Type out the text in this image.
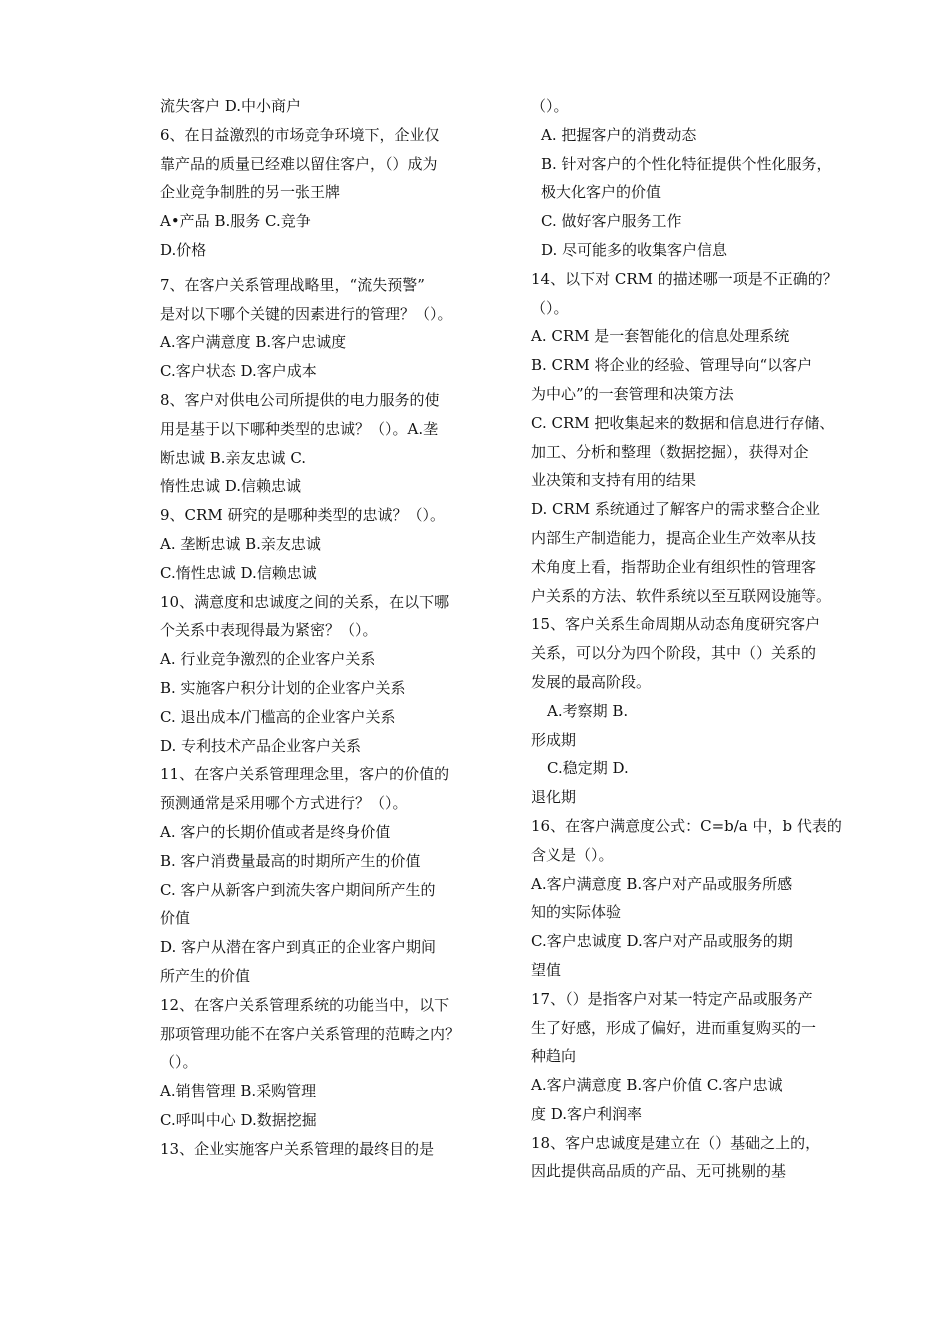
流失客户 D.中小商户
6、在日益激烈的市场竞争环境下，企业仅
靠产品的质量已经难以留住客户，（）成为
企业竞争制胜的另一张王牌
A•产品 B.服务 C.竞争
D.价格
7、在客户关系管理战略里，“流失预警”
是对以下哪个关键的因素进行的管理？（）。
A.客户满意度 B.客户忠诚度
C.客户状态 D.客户成本
8、客户对供电公司所提供的电力服务的使
用是基于以下哪种类型的忠诚？（）。A.垄
断忠诚 B.亲友忠诚 C.
惰性忠诚 D.信赖忠诚
9、CRM 研究的是哪种类型的忠诚？（）。
A. 垄断忠诚 B.亲友忠诚
C.惰性忠诚 D.信赖忠诚
10、满意度和忠诚度之间的关系，在以下哪
个关系中表现得最为紧密？（）。
A. 行业竞争激烈的企业客户关系
B. 实施客户积分计划的企业客户关系
C. 退出成本/门槛高的企业客户关系
D. 专利技术产品企业客户关系
11、在客户关系管理理念里，客户的价值的
预测通常是采用哪个方式进行？（）。
A. 客户的长期价值或者是终身价值
B. 客户消费量最高的时期所产生的价值
C. 客户从新客户到流失客户期间所产生的
价值
D. 客户从潜在客户到真正的企业客户期间
所产生的价值
12、在客户关系管理系统的功能当中，以下
那项管理功能不在客户关系管理的范畴之内？
（）。
A.销售管理 B.采购管理
C.呼叫中心 D.数据挖掘
13、企业实施客户关系管理的最终目的是
（）。
A. 把握客户的消费动态
B. 针对客户的个性化特征提供个性化服务，
极大化客户的价值
C. 做好客户服务工作
D. 尽可能多的收集客户信息
14、以下对 CRM 的描述哪一项是不正确的？
（）。
A. CRM 是一套智能化的信息处理系统
B. CRM 将企业的经验、管理导向“以客户
为中心”的一套管理和决策方法
C. CRM 把收集起来的数据和信息进行存储、
加工、分析和整理（数据挖掘），获得对企
业决策和支持有用的结果
D. CRM 系统通过了解客户的需求整合企业
内部生产制造能力，提高企业生产效率从技
术角度上看，指帮助企业有组织性的管理客
户关系的方法、软件系统以至互联网设施等。
15、客户关系生命周期从动态角度研究客户
关系，可以分为四个阶段，其中（）关系的
发展的最高阶段。
A.考察期 B.
形成期
C.稳定期 D.
退化期
16、在客户满意度公式：C=b/a 中，b 代表的
含义是（）。
A.客户满意度 B.客户对产品或服务所感
知的实际体验
C.客户忠诚度 D.客户对产品或服务的期
望值
17、（）是指客户对某一特定产品或服务产
生了好感，形成了偏好，进而重复购买的一
种趋向
A.客户满意度 B.客户价值 C.客户忠诚
度 D.客户利润率
18、客户忠诚度是建立在（）基础之上的，
因此提供高品质的产品、无可挑剔的基
